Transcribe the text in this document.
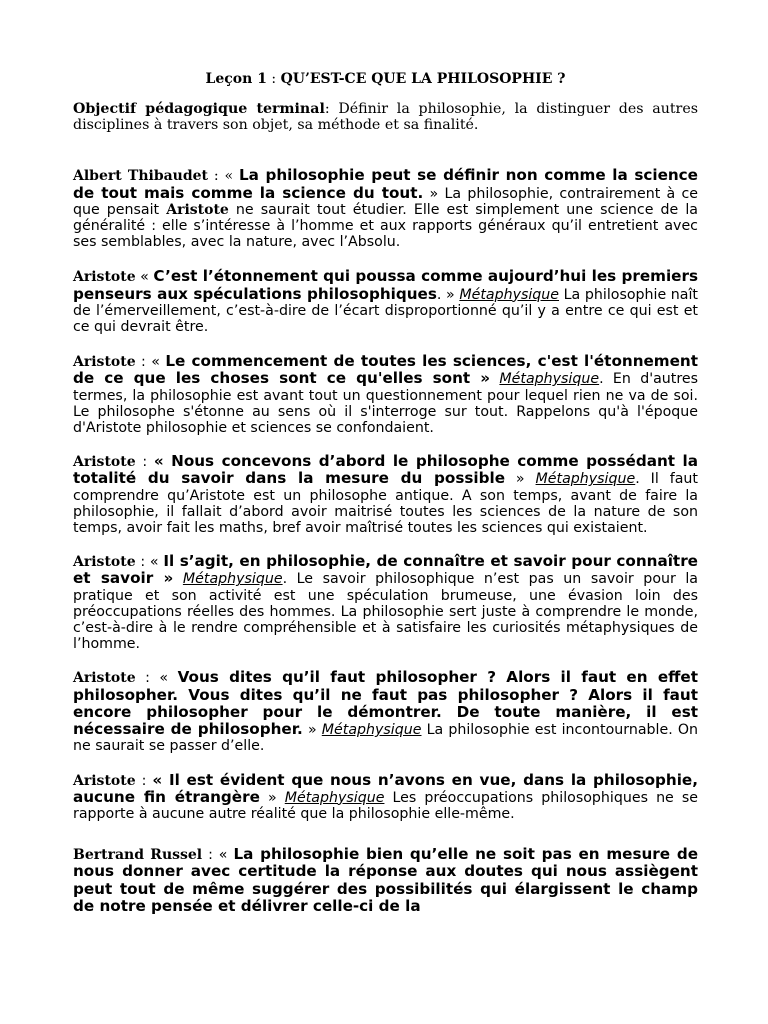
Leçon 1 : QU’EST-CE QUE LA PHILOSOPHIE ?

Objectif pédagogique terminal: Définir la philosophie, la distinguer des autres disciplines à travers son objet, sa méthode et sa finalité.

Albert Thibaudet : « La philosophie peut se définir non comme la science de tout mais comme la science du tout. » La philosophie, contrairement à ce que pensait Aristote ne saurait tout étudier. Elle est simplement une science de la généralité : elle s’intéresse à l’homme et aux rapports généraux qu’il entretient avec ses semblables, avec la nature, avec l’Absolu.

Aristote « C’est l’étonnement qui poussa comme aujourd’hui les premiers penseurs aux spéculations philosophiques. » Métaphysique La philosophie naît de l’émerveillement, c’est-à-dire de l’écart disproportionné qu’il y a entre ce qui est et ce qui devrait être.

Aristote : « Le commencement de toutes les sciences, c'est l'étonnement de ce que les choses sont ce qu'elles sont » Métaphysique. En d'autres termes, la philosophie est avant tout un questionnement pour lequel rien ne va de soi. Le philosophe s'étonne au sens où il s'interroge sur tout. Rappelons qu'à l'époque d'Aristote philosophie et sciences se confondaient.

Aristote : « Nous concevons d’abord le philosophe comme possédant la totalité du savoir dans la mesure du possible » Métaphysique. Il faut comprendre qu’Aristote est un philosophe antique. A son temps, avant de faire la philosophie, il fallait d’abord avoir maitrisé toutes les sciences de la nature de son temps, avoir fait les maths, bref avoir maîtrisé toutes les sciences qui existaient.

Aristote : « Il s’agit, en philosophie, de connaître et savoir pour connaître et savoir » Métaphysique. Le savoir philosophique n’est pas un savoir pour la pratique et son activité est une spéculation brumeuse, une évasion loin des préoccupations réelles des hommes. La philosophie sert juste à comprendre le monde, c’est-à-dire à le rendre compréhensible et à satisfaire les curiosités métaphysiques de l’homme.

Aristote : « Vous dites qu’il faut philosopher ? Alors il faut en effet philosopher. Vous dites qu’il ne faut pas philosopher ? Alors il faut encore philosopher pour le démontrer. De toute manière, il est nécessaire de philosopher. » Métaphysique La philosophie est incontournable. On ne saurait se passer d’elle.

Aristote : « Il est évident que nous n’avons en vue, dans la philosophie, aucune fin étrangère » Métaphysique Les préoccupations philosophiques ne se rapporte à aucune autre réalité que la philosophie elle-même.

Bertrand Russel : « La philosophie bien qu’elle ne soit pas en mesure de nous donner avec certitude la réponse aux doutes qui nous assiègent peut tout de même suggérer des possibilités qui élargissent le champ de notre pensée et délivrer celle-ci de la
